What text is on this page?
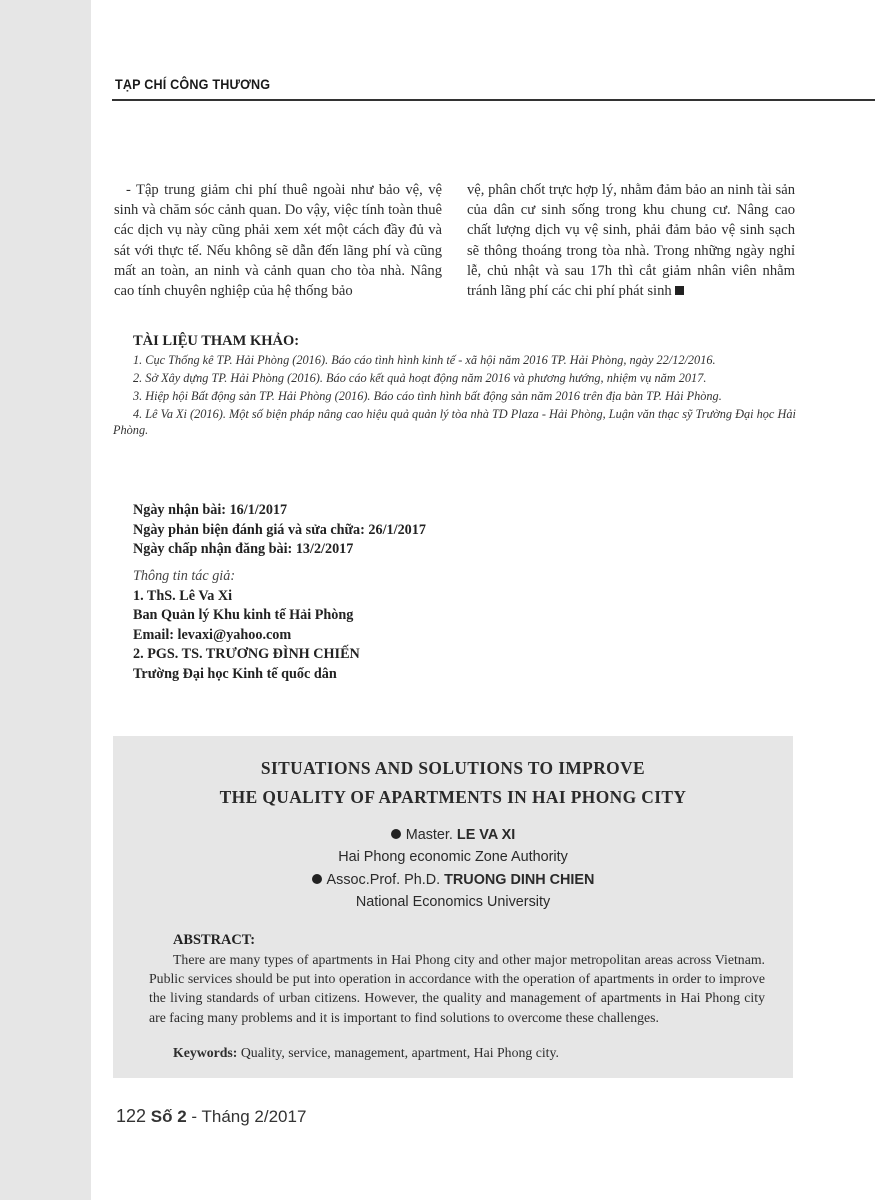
TẠP CHÍ CÔNG THƯƠNG

- Tập trung giảm chi phí thuê ngoài như bảo vệ, vệ sinh và chăm sóc cảnh quan. Do vậy, việc tính toàn thuê các dịch vụ này cũng phải xem xét một cách đầy đủ và sát với thực tế. Nếu không sẽ dẫn đến lãng phí và cũng mất an toàn, an ninh và cảnh quan cho tòa nhà. Nâng cao tính chuyên nghiệp của hệ thống bảo

vệ, phân chốt trực hợp lý, nhằm đảm bảo an ninh tài sản của dân cư sinh sống trong khu chung cư. Nâng cao chất lượng dịch vụ vệ sinh, phải đảm bảo vệ sinh sạch sẽ thông thoáng trong tòa nhà. Trong những ngày nghỉ lễ, chủ nhật và sau 17h thì cắt giảm nhân viên nhằm tránh lãng phí các chi phí phát sinh

TÀI LIỆU THAM KHẢO:
1. Cục Thống kê TP. Hải Phòng (2016). Báo cáo tình hình kinh tế - xã hội năm 2016 TP. Hải Phòng, ngày 22/12/2016.
2. Sở Xây dựng TP. Hải Phòng (2016). Báo cáo kết quả hoạt động năm 2016 và phương hướng, nhiệm vụ năm 2017.
3. Hiệp hội Bất động sản TP. Hải Phòng (2016). Báo cáo tình hình bất động sản năm 2016 trên địa bàn TP. Hải Phòng.
4. Lê Va Xi (2016). Một số biện pháp nâng cao hiệu quả quản lý tòa nhà TD Plaza - Hải Phòng, Luận văn thạc sỹ Trường Đại học Hải Phòng.
Ngày nhận bài: 16/1/2017
Ngày phản biện đánh giá và sửa chữa: 26/1/2017
Ngày chấp nhận đăng bài: 13/2/2017
Thông tin tác giả:
1. ThS. Lê Va Xi
Ban Quản lý Khu kinh tế Hải Phòng
Email: levaxi@yahoo.com
2. PGS. TS. TRƯƠNG ĐÌNH CHIẾN
Trường Đại học Kinh tế quốc dân
SITUATIONS AND SOLUTIONS TO IMPROVE
THE QUALITY OF APARTMENTS IN HAI PHONG CITY
Master. LE VA XI
Hai Phong economic Zone Authority
Assoc.Prof. Ph.D. TRUONG DINH CHIEN
National Economics University
ABSTRACT:

There are many types of apartments in Hai Phong city and other major metropolitan areas across Vietnam. Public services should be put into operation in accordance with the operation of apartments in order to improve the living standards of urban citizens. However, the quality and management of apartments in Hai Phong city are facing many problems and it is important to find solutions to overcome these challenges.

Keywords: Quality, service, management, apartment, Hai Phong city.
122 Số 2 - Tháng 2/2017
